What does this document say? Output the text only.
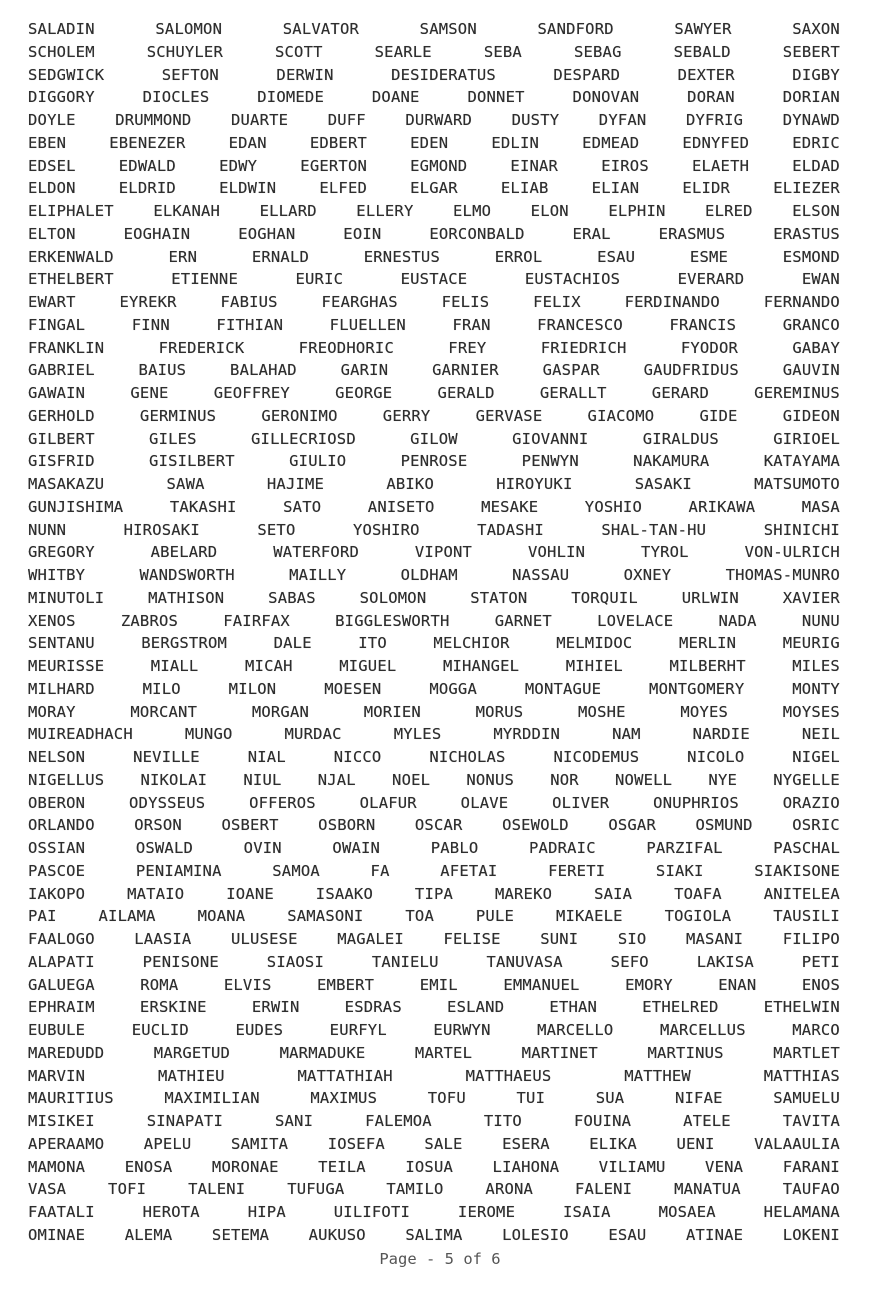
SALADIN	SALOMON	SALVATOR	SAMSON	SANDFORD	SAWYER	SAXON
SCHOLEM	SCHUYLER	SCOTT	SEARLE	SEBA	SEBAG	SEBALD	SEBERT
SEDGWICK	SEFTON	DERWIN	DESIDERATUS	DESPARD	DEXTER	DIGBY
DIGGORY	DIOCLES	DIOMEDE	DOANE	DONNET	DONOVAN	DORAN	DORIAN
DOYLE	DRUMMOND	DUARTE	DUFF	DURWARD	DUSTY	DYFAN	DYFRIG	DYNAWD
EBEN	EBENEZER	EDAN	EDBERT	EDEN	EDLIN	EDMEAD	EDNYFED	EDRIC
EDSEL	EDWALD	EDWY	EGERTON	EGMOND	EINAR	EIROS	ELAETH	ELDAD
ELDON	ELDRID	ELDWIN	ELFED	ELGAR	ELIAB	ELIAN	ELIDR	ELIEZER
ELIPHALET	ELKANAH	ELLARD	ELLERY	ELMO	ELON	ELPHIN	ELRED	ELSON
ELTON	EOGHAIN	EOGHAN	EOIN	EORCONBALD	ERAL	ERASMUS	ERASTUS
ERKENWALD	ERN	ERNALD	ERNESTUS	ERROL	ESAU	ESME	ESMOND
ETHELBERT	ETIENNE	EURIC	EUSTACE	EUSTACHIOS	EVERARD	EWAN
EWART	EYREKR	FABIUS	FEARGHAS	FELIS	FELIX	FERDINANDO	FERNANDO
FINGAL	FINN	FITHIAN	FLUELLEN	FRAN	FRANCESCO	FRANCIS	GRANCO
FRANKLIN	FREDERICK	FREODHORIC	FREY	FRIEDRICH	FYODOR	GABAY
GABRIEL	BAIUS	BALAHAD	GARIN	GARNIER	GASPAR	GAUDFRIDUS	GAUVIN
GAWAIN	GENE	GEOFFREY	GEORGE	GERALD	GERALLT	GERARD	GEREMINUS
GERHOLD	GERMINUS	GERONIMO	GERRY	GERVASE	GIACOMO	GIDE	GIDEON
GILBERT	GILES	GILLECRIOSD	GILOW	GIOVANNI	GIRALDUS	GIRIOEL
GISFRID	GISILBERT	GIULIO	PENROSE	PENWYN	NAKAMURA	KATAYAMA
MASAKAZU	SAWA	HAJIME	ABIKO	HIROYUKI	SASAKI	MATSUMOTO
GUNJISHIMA	TAKASHI	SATO	ANISETO	MESAKE	YOSHIO	ARIKAWA	MASA
NUNN	HIROSAKI	SETO	YOSHIRO	TADASHI	SHAL-TAN-HU	SHINICHI
GREGORY	ABELARD	WATERFORD	VIPONT	VOHLIN	TYROL	VON-ULRICH
WHITBY	WANDSWORTH	MAILLY	OLDHAM	NASSAU	OXNEY	THOMAS-MUNRO
MINUTOLI	MATHISON	SABAS	SOLOMON	STATON	TORQUIL	URLWIN	XAVIER
XENOS	ZABROS	FAIRFAX	BIGGLESWORTH	GARNET	LOVELACE	NADA	NUNU
SENTANU	BERGSTROM	DALE	ITO	MELCHIOR	MELMIDOC	MERLIN	MEURIG
MEURISSE	MIALL	MICAH	MIGUEL	MIHANGEL	MIHIEL	MILBERHT	MILES
MILHARD	MILO	MILON	MOESEN	MOGGA	MONTAGUE	MONTGOMERY	MONTY
MORAY	MORCANT	MORGAN	MORIEN	MORUS	MOSHE	MOYES	MOYSES
MUIREADHACH	MUNGO	MURDAC	MYLES	MYRDDIN	NAM	NARDIE	NEIL
NELSON	NEVILLE	NIAL	NICCO	NICHOLAS	NICODEMUS	NICOLO	NIGEL
NIGELLUS NIKOLAI NIUL NJAL NOEL NONUS NOR NOWELL NYE NYGELLE
OBERON	ODYSSEUS	OFFEROS	OLAFUR	OLAVE	OLIVER	ONUPHRIOS	ORAZIO
ORLANDO	ORSON	OSBERT	OSBORN	OSCAR	OSEWOLD	OSGAR	OSMUND	OSRIC
OSSIAN	OSWALD	OVIN	OWAIN	PABLO	PADRAIC	PARZIFAL	PASCHAL
PASCOE	PENIAMINA	SAMOA	FA	AFETAI	FERETI	SIAKI	SIAKISONE
IAKOPO	MATAIO	IOANE	ISAAKO	TIPA	MAREKO	SAIA	TOAFA	ANITELEA
PAI	AILAMA	MOANA	SAMASONI	TOA	PULE	MIKAELE	TOGIOLA	TAUSILI
FAALOGO	LAASIA	ULUSESE	MAGALEI	FELISE	SUNI	SIO	MASANI	FILIPO
ALAPATI	PENISONE	SIAOSI	TANIELU	TANUVASA	SEFO	LAKISA	PETI
GALUEGA	ROMA	ELVIS	EMBERT	EMIL	EMMANUEL	EMORY	ENAN	ENOS
EPHRAIM	ERSKINE	ERWIN	ESDRAS	ESLAND	ETHAN	ETHELRED	ETHELWIN
EUBULE	EUCLID	EUDES	EURFYL	EURWYN	MARCELLO	MARCELLUS	MARCO
MAREDUDD	MARGETUD	MARMADUKE	MARTEL	MARTINET	MARTINUS	MARTLET
MARVIN	MATHIEU	MATTATHIAH	MATTHAEUS	MATTHEW	MATTHIAS
MAURITIUS	MAXIMILIAN	MAXIMUS	TOFU	TUI	SUA	NIFAE	SAMUELU
MISIKEI	SINAPATI	SANI	FALEMOA	TITO	FOUINA	ATELE	TAVITA
APERAAMO	APELU	SAMITA	IOSEFA	SALE	ESERA	ELIKA	UENI	VALAAULIA
MAMONA	ENOSA	MORONAE	TEILA	IOSUA	LIAHONA	VILIAMU	VENA	FARANI
VASA	TOFI	TALENI	TUFUGA	TAMILO	ARONA	FALENI	MANATUA	TAUFAO
FAATALI	HEROTA	HIPA	UILIFOTI	IEROME	ISAIA	MOSAEA	HELAMANA
OMINAE	ALEMA	SETEMA	AUKUSO	SALIMA	LOLESIO	ESAU	ATINAE	LOKENI
Page - 5 of 6
